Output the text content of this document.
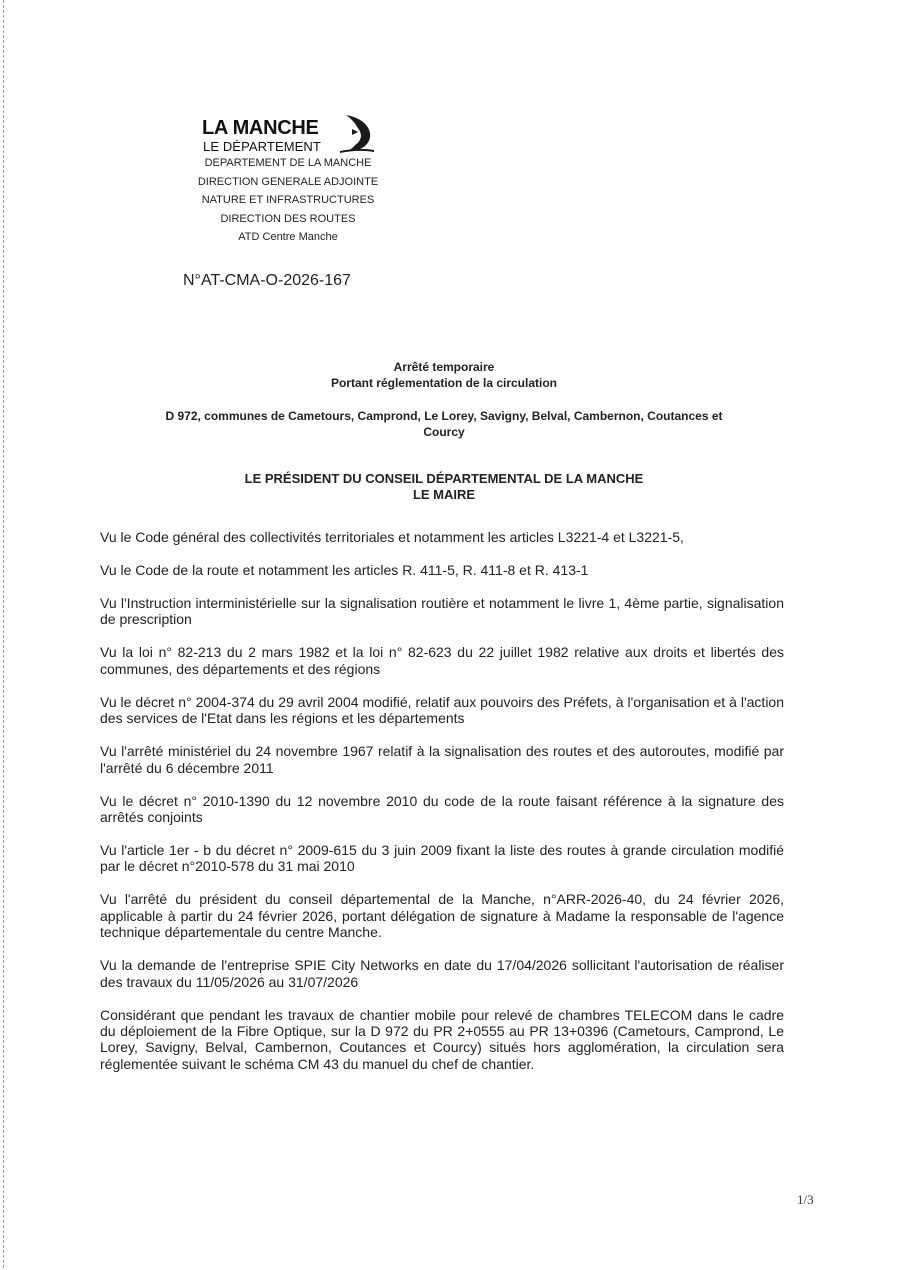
LA MANCHE
LE DÉPARTEMENT
DEPARTEMENT DE LA MANCHE
DIRECTION GENERALE ADJOINTE
NATURE ET INFRASTRUCTURES
DIRECTION DES ROUTES
ATD Centre Manche
N°AT-CMA-O-2026-167
Arrêté temporaire
Portant réglementation de la circulation
D 972, communes de Cametours, Camprond, Le Lorey, Savigny, Belval, Cambernon, Coutances et
Courcy
LE PRÉSIDENT DU CONSEIL DÉPARTEMENTAL DE LA MANCHE
LE MAIRE

Vu le Code général des collectivités territoriales et notamment les articles L3221-4 et L3221-5,

Vu le Code de la route et notamment les articles R. 411-5, R. 411-8 et R. 413-1

Vu l'Instruction interministérielle sur la signalisation routière et notamment le livre 1, 4ème partie, signalisation de prescription

Vu la loi n° 82-213 du 2 mars 1982 et la loi n° 82-623 du 22 juillet 1982 relative aux droits et libertés des communes, des départements et des régions

Vu le décret n° 2004-374 du 29 avril 2004 modifié, relatif aux pouvoirs des Préfets, à l'organisation et à l'action des services de l'Etat dans les régions et les départements

Vu l'arrêté ministériel du 24 novembre 1967 relatif à la signalisation des routes et des autoroutes, modifié par l'arrêté du 6 décembre 2011

Vu le décret n° 2010-1390 du 12 novembre 2010 du code de la route faisant référence à la signature des arrêtés conjoints

Vu l'article 1er - b du décret n° 2009-615 du 3 juin 2009 fixant la liste des routes à grande circulation modifié par le décret n°2010-578 du 31 mai 2010

Vu l'arrêté du président du conseil départemental de la Manche, n°ARR-2026-40, du 24 février 2026, applicable à partir du 24 février 2026, portant délégation de signature à Madame la responsable de l'agence technique départementale du centre Manche.

Vu la demande de l'entreprise SPIE City Networks en date du 17/04/2026 sollicitant l'autorisation de réaliser des travaux du 11/05/2026 au 31/07/2026

Considérant que pendant les travaux de chantier mobile pour relevé de chambres TELECOM dans le cadre du déploiement de la Fibre Optique, sur la D 972 du PR 2+0555 au PR 13+0396 (Cametours, Camprond, Le Lorey, Savigny, Belval, Cambernon, Coutances et Courcy) situés hors agglomération, la circulation sera réglementée suivant le schéma CM 43 du manuel du chef de chantier.

1/3
